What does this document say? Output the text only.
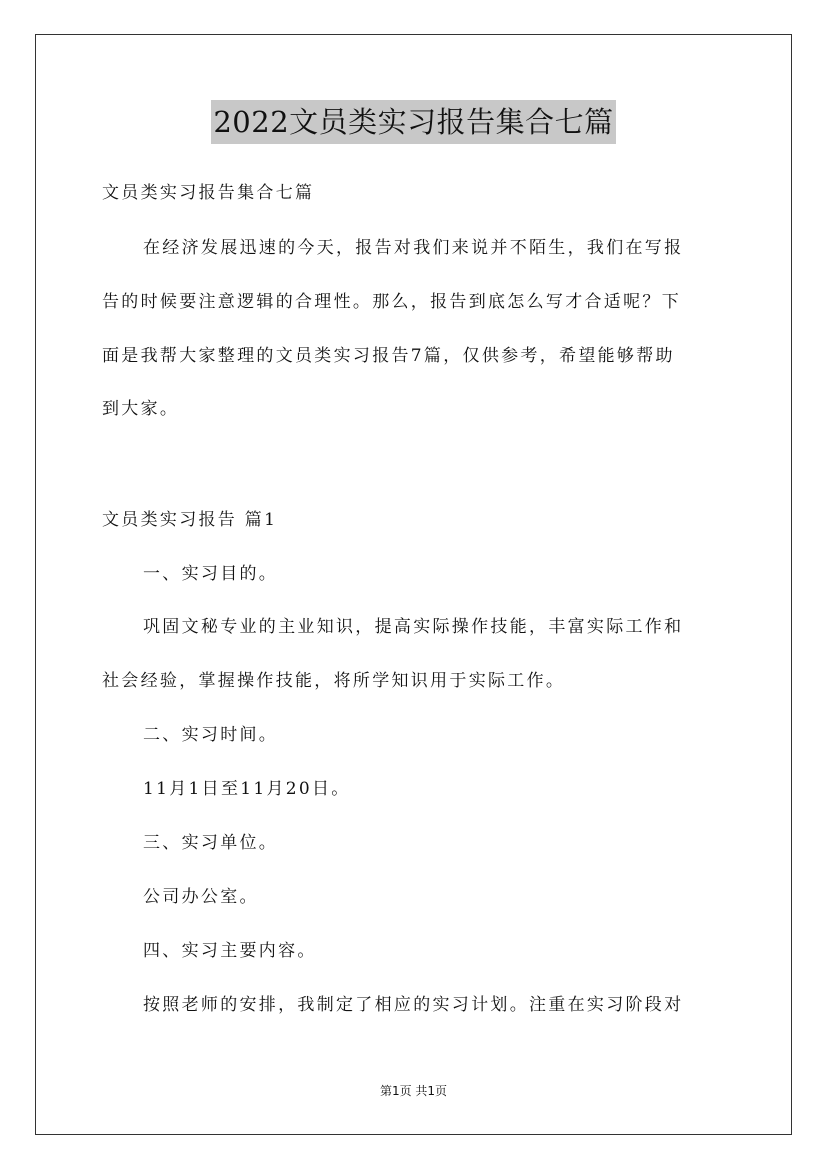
2022文员类实习报告集合七篇
文员类实习报告集合七篇
在经济发展迅速的今天，报告对我们来说并不陌生，我们在写报
告的时候要注意逻辑的合理性。那么，报告到底怎么写才合适呢？下
面是我帮大家整理的文员类实习报告7篇，仅供参考，希望能够帮助
到大家。
文员类实习报告 篇1
一、实习目的。
巩固文秘专业的主业知识，提高实际操作技能，丰富实际工作和
社会经验，掌握操作技能，将所学知识用于实际工作。
二、实习时间。
11月1日至11月20日。
三、实习单位。
公司办公室。
四、实习主要内容。
按照老师的安排，我制定了相应的实习计划。注重在实习阶段对
第1页 共1页
